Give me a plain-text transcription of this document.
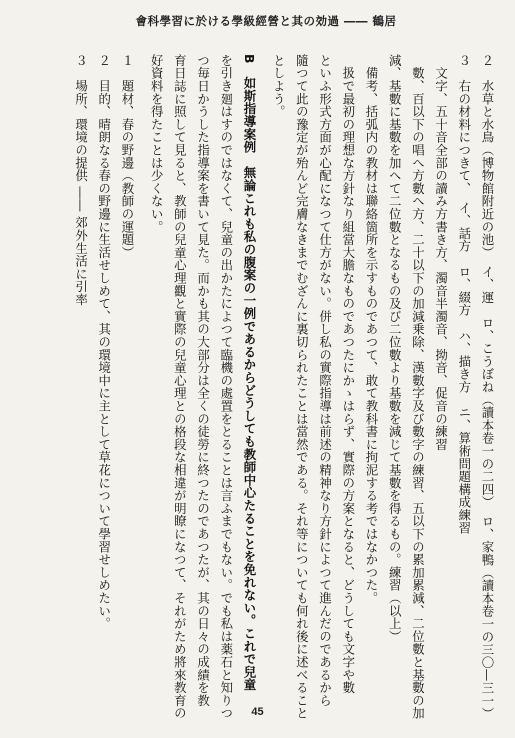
會科學習に於ける學級經營と其の効過 ―― 鶴居
２　水草と水鳥（博物館附近の池）　イ、運　ロ、こうぼね（讀本卷一の二四）　ロ、家鴨（讀本卷一の三〇—三一）
３　右の材料につきて、　イ、話方　ロ、綴方　ハ、描き方　ニ、算術問題構成練習
　文字、五十音全部の讀み方書き方、濁音半濁音、拗音、促音の練習
　數、百以下の唱へ方數へ方、二十以下の加減乗除、漢數字及び數字の練習、五以下の累加累減、二位數と基數の加
減、基數に基數を加へて二位數となるもの及び二位數より基數を減じて基數を得るもの。練習（以上）
　備考、括弧内の教材は聯絡箇所を示すものであつて、敢て教科書に拘泥する考ではなかつた。
　扱で最初の理想な方針なり組當大膽なものであつたにかゝはらず、實際の方案となると、どうしても文字や數
といふ形式方面が心配になつて仕方がない。併し私の實際指導は前述の精神なり方針によつて進んだのであるから
隨つて此の豫定が殆んど完膚なきまでむざんに裏切られたことは當然である。それ等についても何れ後に述べること
としよう。
B　如斯指導案例　無論これも私の腹案の一例であるからどうしても教師中心たることを免れない。これで兒童
を引き廻はすのではなくて、兒童の出かたによつて臨機の處置をとることは言ふまでもない。でも私は薬石と知りつ
つ毎日かうした指導案を書いて見た。而かも其の大部分は全くの徒勞に終つたのであつたが、其の日々の成績を教
育日誌に照して見ると、教師の兒童心理觀と實際の兒童心理との格段な相違が明瞭になつて、それがため將來教育の
好資料を得たことは少くない。
１　題材、春の野邊（教師の運題）
２　目的、晴朗なる春の野邊に生活せしめて、其の環境中に主として草花について學習せしめたい。
３　場所、環境の提供 ―― 郊外生活に引率
45
